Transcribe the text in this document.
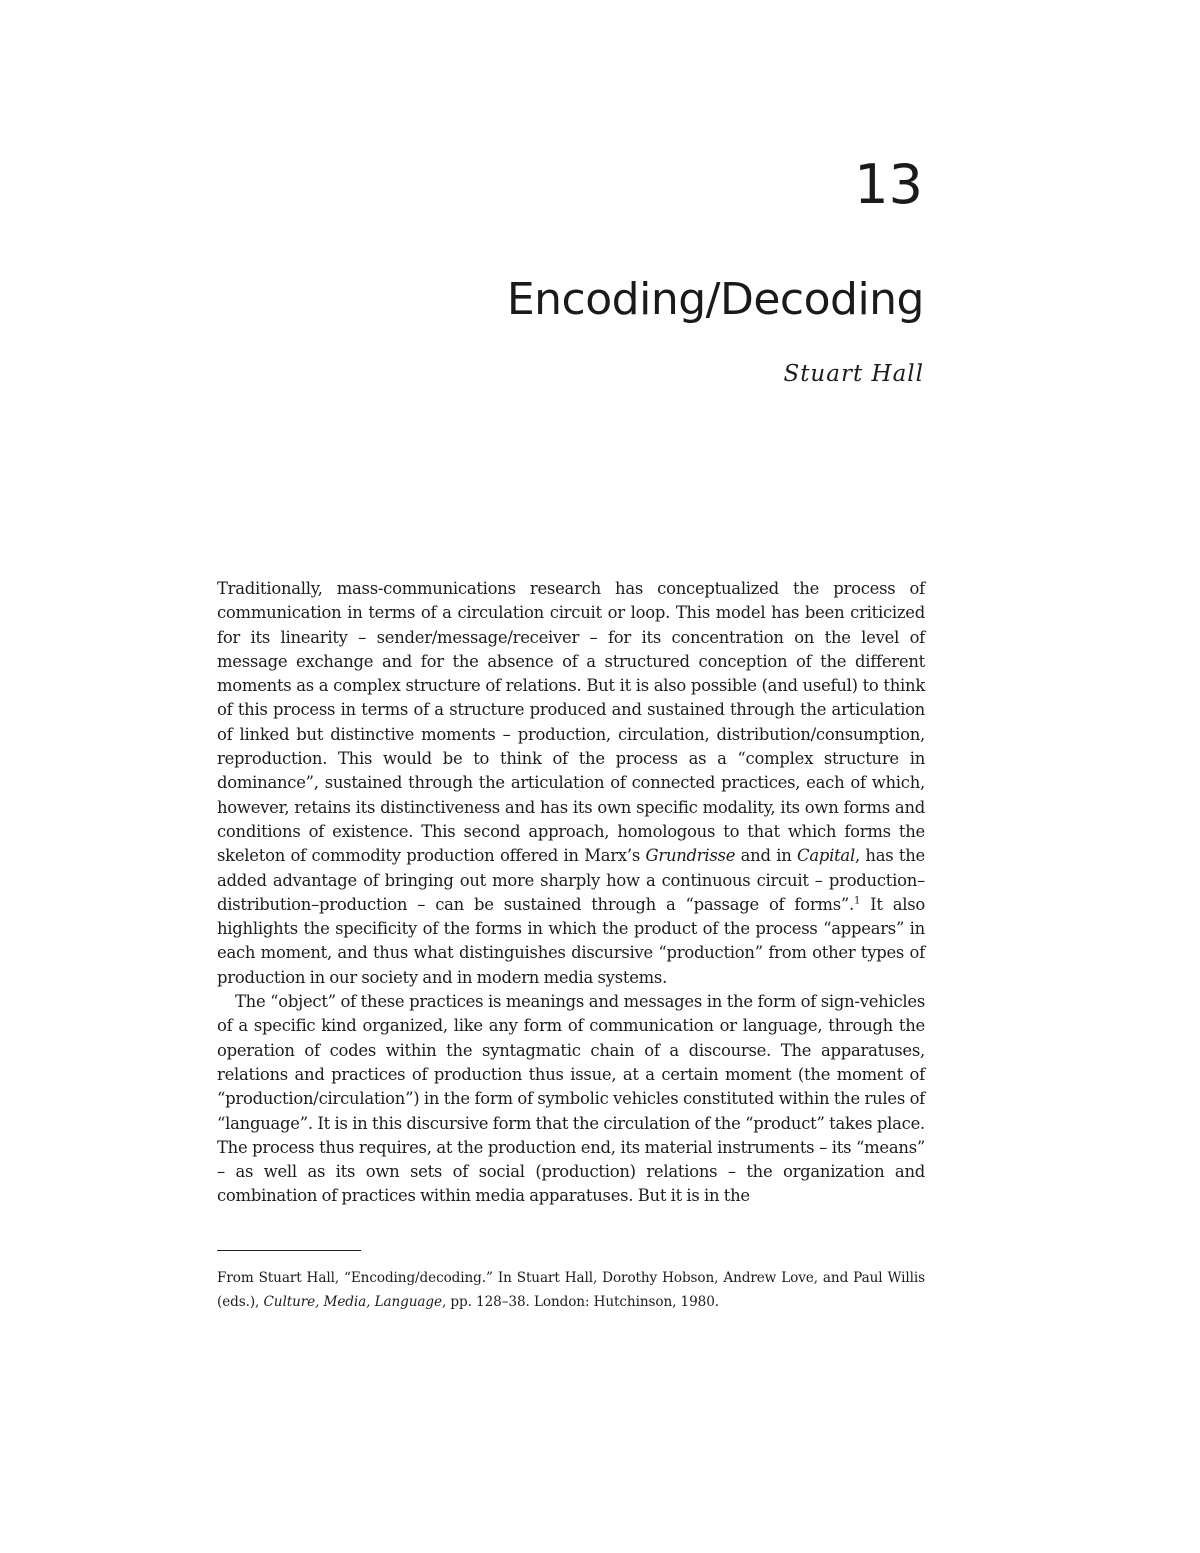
13
Encoding/Decoding
Stuart Hall

Traditionally, mass-communications research has conceptualized the process of communication in terms of a circulation circuit or loop. This model has been criticized for its linearity – sender/message/receiver – for its concentration on the level of message exchange and for the absence of a structured conception of the different moments as a complex structure of relations. But it is also possible (and useful) to think of this process in terms of a structure produced and sustained through the articulation of linked but distinctive moments – production, circulation, distribution/consumption, reproduction. This would be to think of the process as a “complex structure in dominance”, sustained through the articulation of connected practices, each of which, however, retains its distinctiveness and has its own specific modality, its own forms and conditions of existence. This second approach, homologous to that which forms the skeleton of commodity production offered in Marx’s Grundrisse and in Capital, has the added advantage of bringing out more sharply how a continuous circuit – production–distribution–production – can be sustained through a “passage of forms”.$^1$ It also highlights the specificity of the forms in which the product of the process “appears” in each moment, and thus what distinguishes discursive “production” from other types of production in our society and in modern media systems.

The “object” of these practices is meanings and messages in the form of sign-vehicles of a specific kind organized, like any form of communication or language, through the operation of codes within the syntagmatic chain of a discourse. The apparatuses, relations and practices of production thus issue, at a certain moment (the moment of “production/circulation”) in the form of symbolic vehicles constituted within the rules of “language”. It is in this discursive form that the circulation of the “product” takes place. The process thus requires, at the production end, its material instruments – its “means” – as well as its own sets of social (production) relations – the organization and combination of practices within media apparatuses. But it is in the

From Stuart Hall, “Encoding/decoding.” In Stuart Hall, Dorothy Hobson, Andrew Love, and Paul Willis (eds.), Culture, Media, Language, pp. 128–38. London: Hutchinson, 1980.
